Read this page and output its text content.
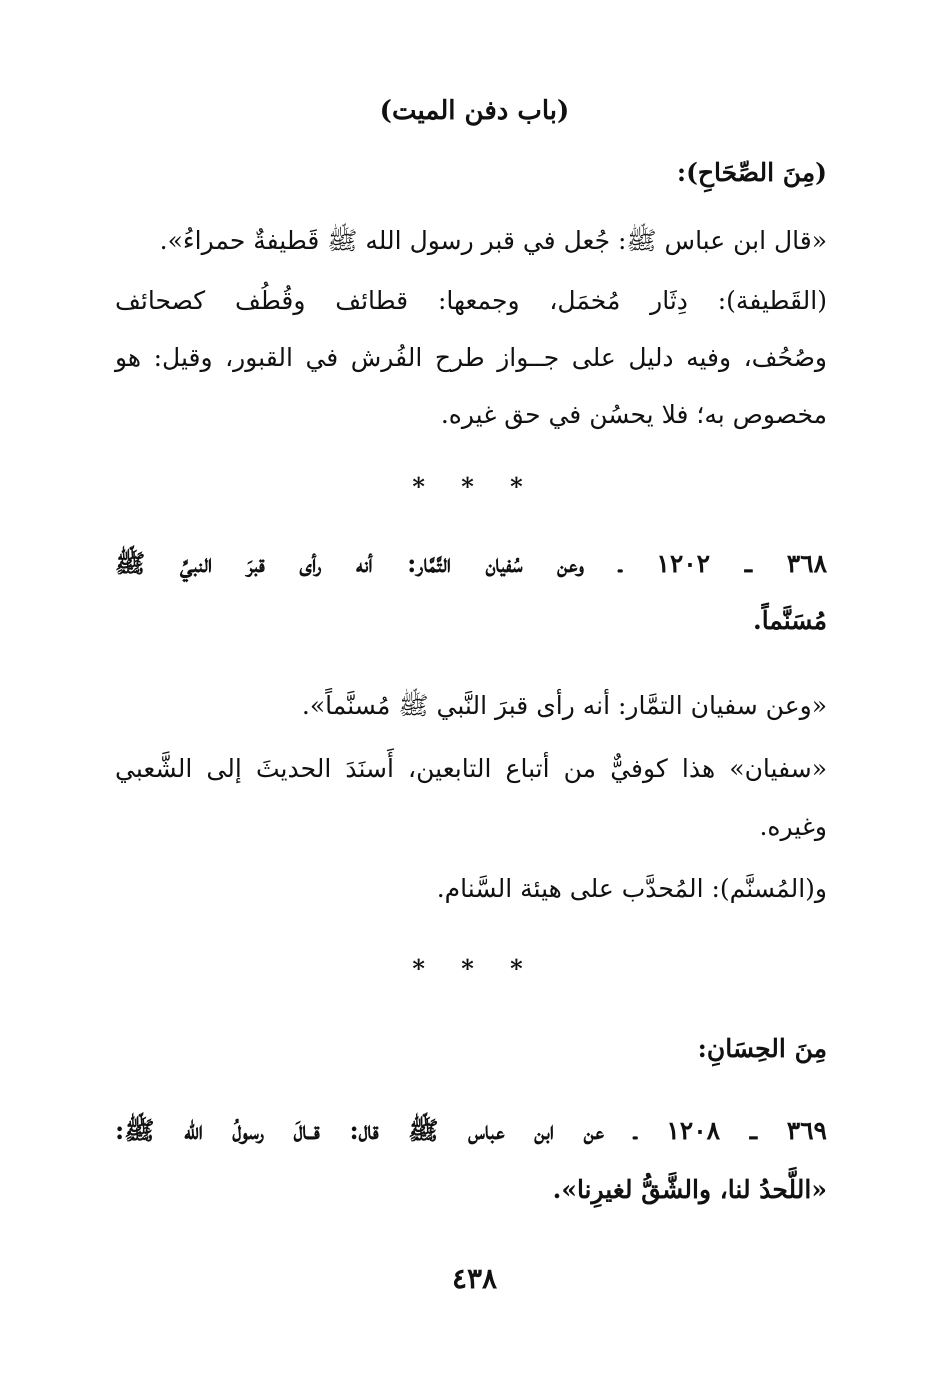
(باب دفن الميت)
(مِنَ الصِّحَاحِ):
«قال ابن عباس ﷺ: جُعل في قبر رسول الله ﷺ قَطيفةٌ حمراءُ».
(القَطيفة): دِثَار مُخمَل، وجمعها: قطائف وقُطُف كصحائف
وصُحُف، وفيه دليل على جــواز طرح الفُرش في القبور، وقيل: هو
مخصوص به؛ فلا يحسُن في حق غيره.
* * *
٣٦٨ ـ ١٢٠٢ ـ وعن سُفيان التَّمَّار: أنه رأى قبرَ النبيِّ ﷺ
مُسَنَّماً.
«وعن سفيان التمَّار: أنه رأى قبرَ النَّبي ﷺ مُسنَّماً».
«سفيان» هذا كوفيٌّ من أتباع التابعين، أَسنَدَ الحديثَ إلى الشَّعبي
وغيره.
و(المُسنَّم): المُحدَّب على هيئة السَّنام.
* * *
مِنَ الحِسَانِ:
٣٦٩ ـ ١٢٠٨ ـ عن ابن عباس ﷺ قال: قــالَ رسولُ الله ﷺ:
«اللَّحدُ لنا، والشَّقُّ لغيرِنا».
٤٣٨
